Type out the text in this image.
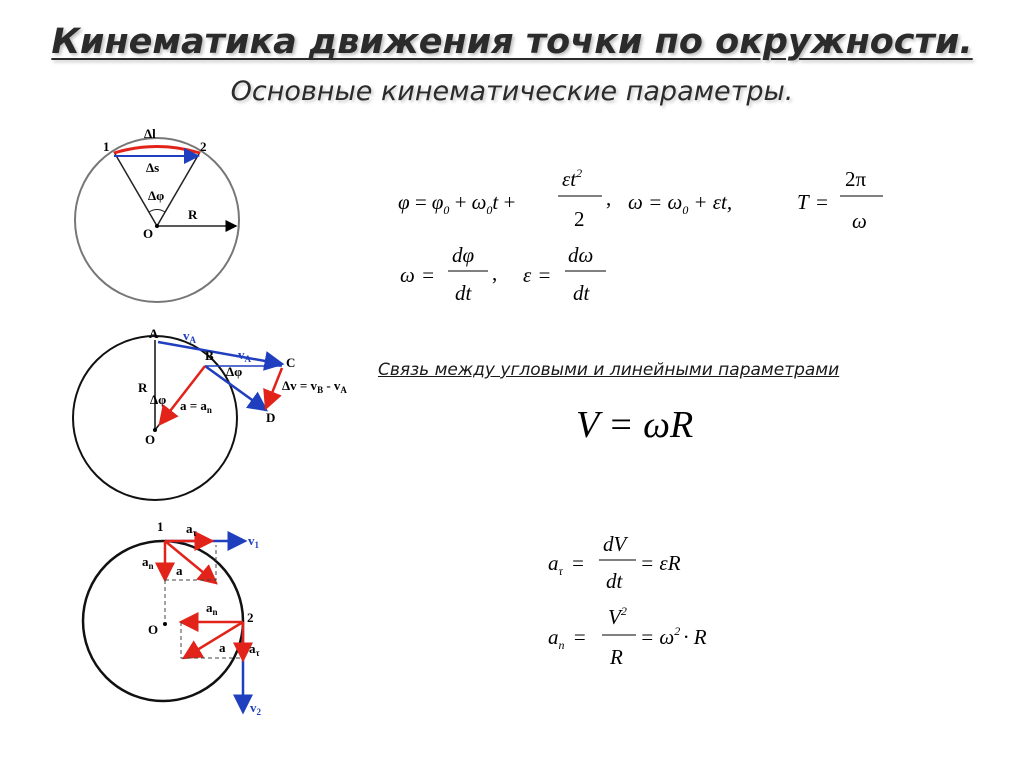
Кинематика движения точки по окружности.
Основные кинематические параметры.
Связь между угловыми и линейными параметрами
1	2
Δl
Δs
Δφ
R
O
A
B	C
D
R
O
$v_A$
$v_A$
Δφ
Δφ $a = a_n$
$\Delta v = v_B - v_A$
1
2
O
$a_\tau$
$a_n$ a
$a_n$
a $a_\tau$
$v_1$
$v_2$
$\varphi = \varphi_0 + \omega_0t$ +
$\varepsilon t^2$
2
, $\omega = \omega_0 + \varepsilon t$,	T =
2π
ω
ω =
dφ
dt
, ε =
dω
dt
V = ωR
$a_\tau$ =
dV
dt
= εR
$a_n$ =
$V^2$
R
= $\omega^2 \cdot R$
